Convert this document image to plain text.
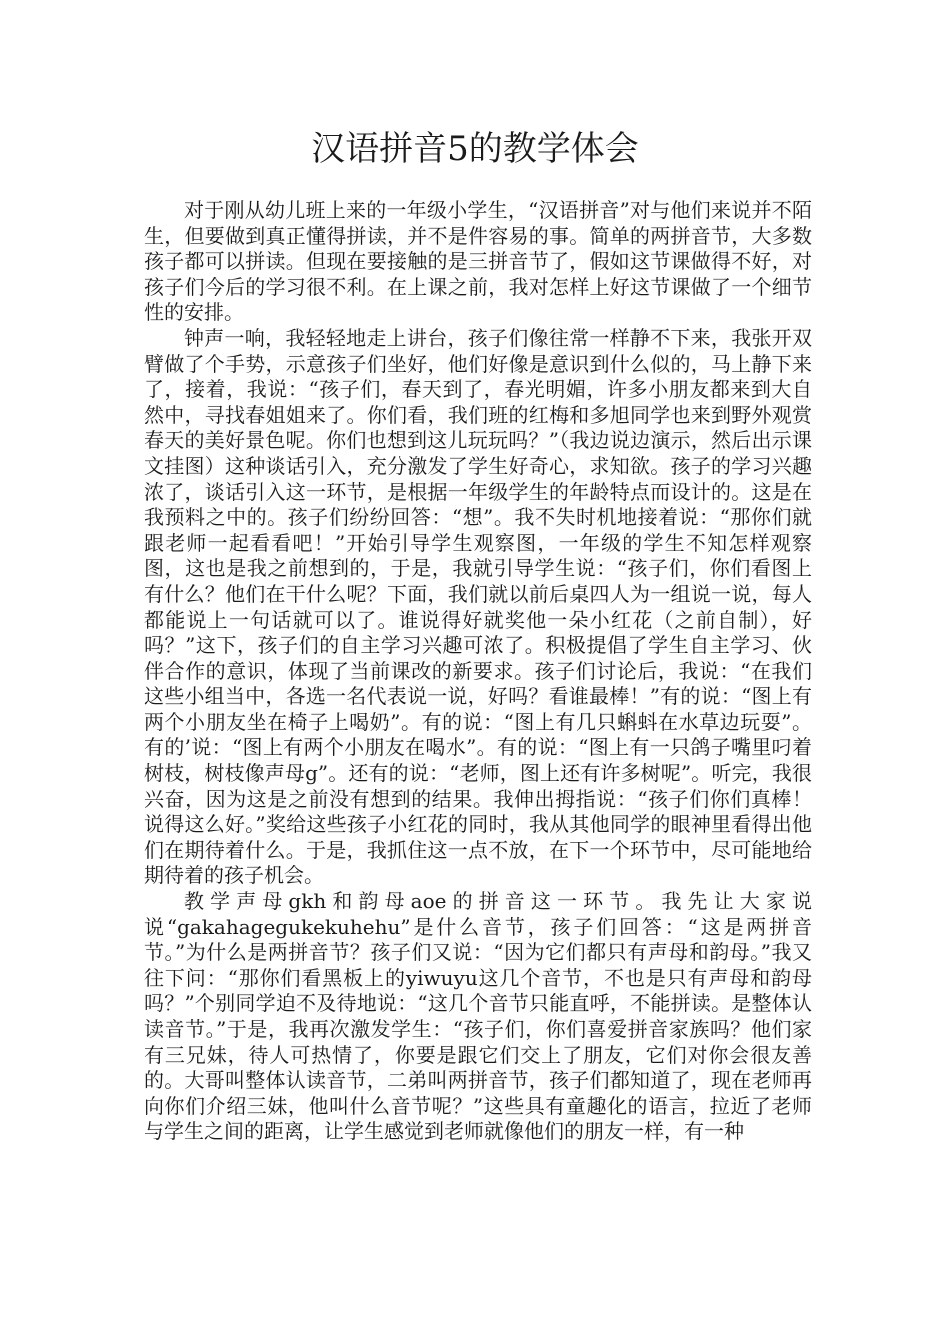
汉语拼音5的教学体会

对于刚从幼儿班上来的一年级小学生，“汉语拼音”对与他们来说并不陌生，但要做到真正懂得拼读，并不是件容易的事。简单的两拼音节，大多数孩子都可以拼读。但现在要接触的是三拼音节了，假如这节课做得不好，对孩子们今后的学习很不利。在上课之前，我对怎样上好这节课做了一个细节性的安排。

钟声一响，我轻轻地走上讲台，孩子们像往常一样静不下来，我张开双臂做了个手势，示意孩子们坐好，他们好像是意识到什么似的，马上静下来了，接着，我说：“孩子们，春天到了，春光明媚，许多小朋友都来到大自然中，寻找春姐姐来了。你们看，我们班的红梅和多旭同学也来到野外观赏春天的美好景色呢。你们也想到这儿玩玩吗？”（我边说边演示，然后出示课文挂图）这种谈话引入，充分激发了学生好奇心，求知欲。孩子的学习兴趣浓了，谈话引入这一环节，是根据一年级学生的年龄特点而设计的。这是在我预料之中的。孩子们纷纷回答：“想”。我不失时机地接着说：“那你们就跟老师一起看看吧！”开始引导学生观察图，一年级的学生不知怎样观察图，这也是我之前想到的，于是，我就引导学生说：“孩子们，你们看图上有什么？他们在干什么呢？下面，我们就以前后桌四人为一组说一说，每人都能说上一句话就可以了。谁说得好就奖他一朵小红花（之前自制），好吗？”这下，孩子们的自主学习兴趣可浓了。积极提倡了学生自主学习、伙伴合作的意识，体现了当前课改的新要求。孩子们讨论后，我说：“在我们这些小组当中，各选一名代表说一说，好吗？看谁最棒！”有的说：“图上有两个小朋友坐在椅子上喝奶”。有的说：“图上有几只蝌蚪在水草边玩耍”。有的’说：“图上有两个小朋友在喝水”。有的说：“图上有一只鸽子嘴里叼着树枝，树枝像声母g”。还有的说：“老师，图上还有许多树呢”。听完，我很兴奋，因为这是之前没有想到的结果。我伸出拇指说：“孩子们你们真棒！说得这么好。”奖给这些孩子小红花的同时，我从其他同学的眼神里看得出他们在期待着什么。于是，我抓住这一点不放，在下一个环节中，尽可能地给期待着的孩子机会。

教学声母gkh和韵母aoe的拼音这一环节。我先让大家说说“gakahagegukekuhehu”是什么音节，孩子们回答：“这是两拼音节。”为什么是两拼音节？孩子们又说：“因为它们都只有声母和韵母。”我又往下问：“那你们看黑板上的yiwuyu这几个音节，不也是只有声母和韵母吗？”个别同学迫不及待地说：“这几个音节只能直呼，不能拼读。是整体认读音节。”于是，我再次激发学生：“孩子们，你们喜爱拼音家族吗？他们家有三兄妹，待人可热情了，你要是跟它们交上了朋友，它们对你会很友善的。大哥叫整体认读音节，二弟叫两拼音节，孩子们都知道了，现在老师再向你们介绍三妹，他叫什么音节呢？”这些具有童趣化的语言，拉近了老师与学生之间的距离，让学生感觉到老师就像他们的朋友一样，有一种
